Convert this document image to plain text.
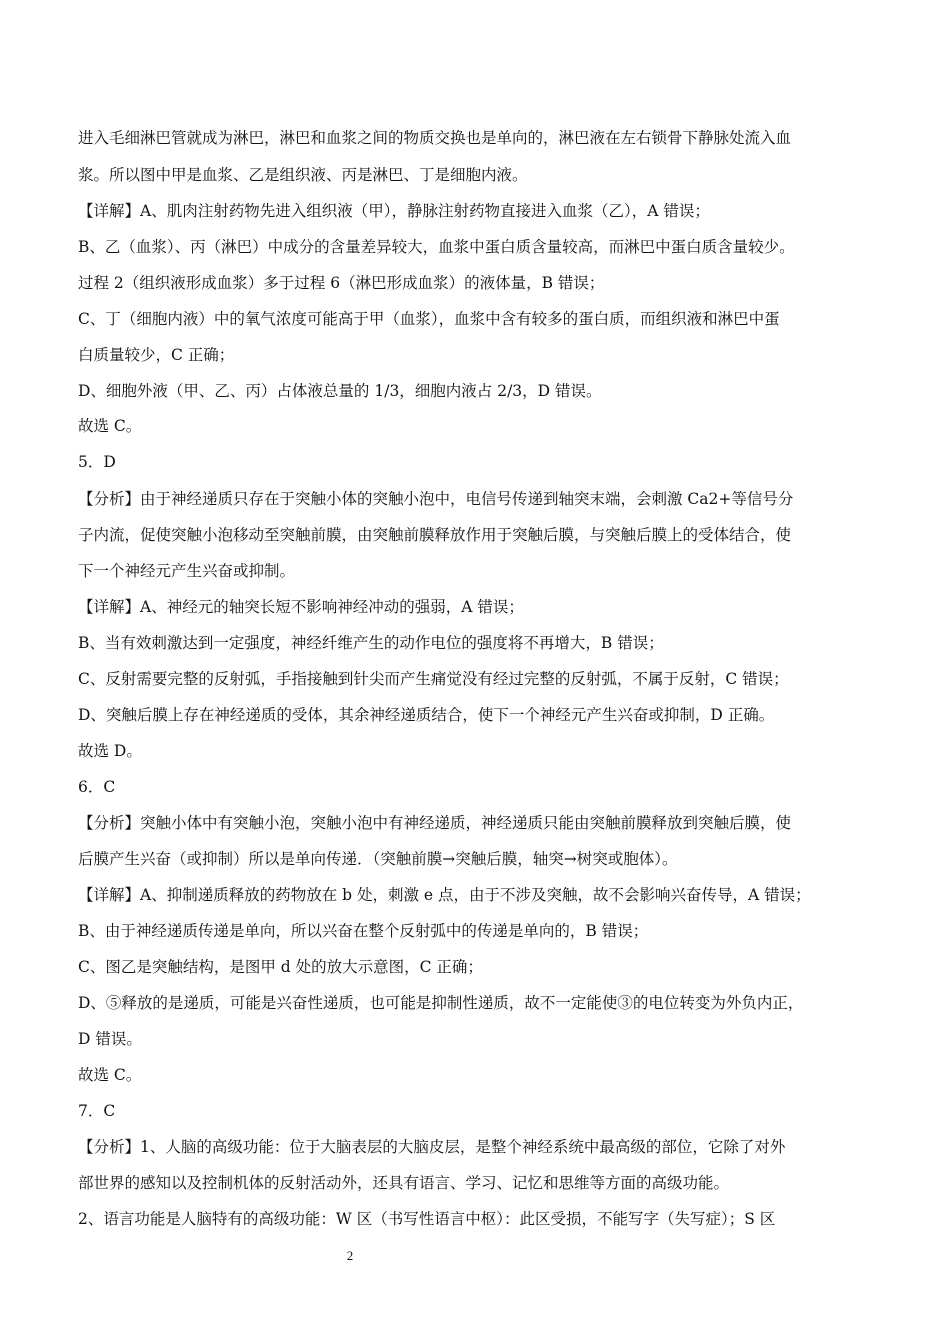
进入毛细淋巴管就成为淋巴，淋巴和血浆之间的物质交换也是单向的，淋巴液在左右锁骨下静脉处流入血
浆。所以图中甲是血浆、乙是组织液、丙是淋巴、丁是细胞内液。
【详解】A、肌肉注射药物先进入组织液（甲），静脉注射药物直接进入血浆（乙），A 错误；
B、乙（血浆）、丙（淋巴）中成分的含量差异较大，血浆中蛋白质含量较高，而淋巴中蛋白质含量较少。
过程 2（组织液形成血浆）多于过程 6（淋巴形成血浆）的液体量，B 错误；
C、丁（细胞内液）中的氧气浓度可能高于甲（血浆），血浆中含有较多的蛋白质，而组织液和淋巴中蛋
白质量较少，C 正确；
D、细胞外液（甲、乙、丙）占体液总量的 1/3，细胞内液占 2/3，D 错误。
故选 C。
5．D
【分析】由于神经递质只存在于突触小体的突触小泡中，电信号传递到轴突末端，会刺激 Ca2+等信号分
子内流，促使突触小泡移动至突触前膜，由突触前膜释放作用于突触后膜，与突触后膜上的受体结合，使
下一个神经元产生兴奋或抑制。
【详解】A、神经元的轴突长短不影响神经冲动的强弱，A 错误；
B、当有效刺激达到一定强度，神经纤维产生的动作电位的强度将不再增大，B 错误；
C、反射需要完整的反射弧，手指接触到针尖而产生痛觉没有经过完整的反射弧，不属于反射，C 错误；
D、突触后膜上存在神经递质的受体，其余神经递质结合，使下一个神经元产生兴奋或抑制，D 正确。
故选 D。
6．C
【分析】突触小体中有突触小泡，突触小泡中有神经递质，神经递质只能由突触前膜释放到突触后膜，使
后膜产生兴奋（或抑制）所以是单向传递．（突触前膜→突触后膜，轴突→树突或胞体）。
【详解】A、抑制递质释放的药物放在 b 处，刺激 e 点，由于不涉及突触，故不会影响兴奋传导，A 错误；
B、由于神经递质传递是单向，所以兴奋在整个反射弧中的传递是单向的，B 错误；
C、图乙是突触结构，是图甲 d 处的放大示意图，C 正确；
D、⑤释放的是递质，可能是兴奋性递质，也可能是抑制性递质，故不一定能使③的电位转变为外负内正，
D 错误。
故选 C。
7．C
【分析】1、人脑的高级功能：位于大脑表层的大脑皮层，是整个神经系统中最高级的部位，它除了对外
部世界的感知以及控制机体的反射活动外，还具有语言、学习、记忆和思维等方面的高级功能。
2、语言功能是人脑特有的高级功能：W 区（书写性语言中枢）：此区受损，不能写字（失写症）；S 区
2
